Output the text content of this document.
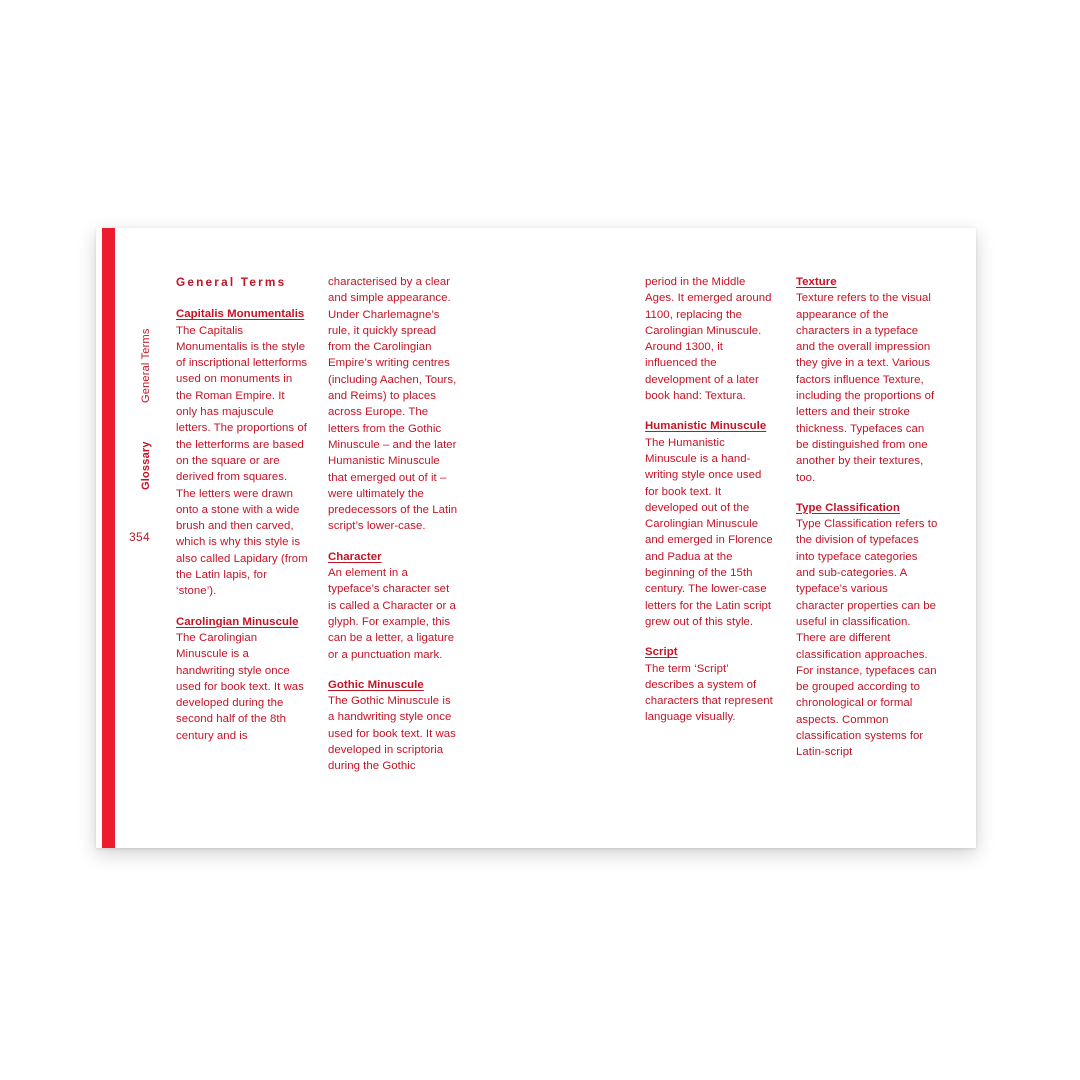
General Terms
Glossary
354
General Terms
Capitalis Monumentalis
The Capitalis Monumentalis is the style of inscriptional letterforms used on monuments in the Roman Empire. It only has majuscule letters. The proportions of the letterforms are based on the square or are derived from squares. The letters were drawn onto a stone with a wide brush and then carved, which is why this style is also called Lapidary (from the Latin lapis, for ‘stone’).
Carolingian Minuscule
The Carolingian Minuscule is a handwriting style once used for book text. It was developed during the second half of the 8th century and is
characterised by a clear and simple appearance. Under Charlemagne’s rule, it quickly spread from the Carolingian Empire’s writing centres (including Aachen, Tours, and Reims) to places across Europe. The letters from the Gothic Minuscule – and the later Humanistic Minuscule that emerged out of it – were ultimately the predecessors of the Latin script’s lower-case.
Character
An element in a typeface’s character set is called a Character or a glyph. For example, this can be a letter, a ligature or a punctuation mark.
Gothic Minuscule
The Gothic Minuscule is a handwriting style once used for book text. It was developed in scriptoria during the Gothic
period in the Middle Ages. It emerged around 1100, replacing the Carolingian Minuscule. Around 1300, it influenced the development of a later book hand: Textura.
Humanistic Minuscule
The Humanistic Minuscule is a hand-writing style once used for book text. It developed out of the Carolingian Minuscule and emerged in Florence and Padua at the beginning of the 15th century. The lower-case letters for the Latin script grew out of this style.
Script
The term ‘Script’ describes a system of characters that represent language visually.
Texture
Texture refers to the visual appearance of the characters in a typeface and the overall impression they give in a text. Various factors influence Texture, including the proportions of letters and their stroke thickness. Typefaces can be distinguished from one another by their textures, too.
Type Classification
Type Classification refers to the division of typefaces into typeface categories and sub-categories. A typeface’s various character properties can be useful in classification. There are different classification approaches. For instance, typefaces can be grouped according to chronological or formal aspects. Common classification systems for Latin-script
